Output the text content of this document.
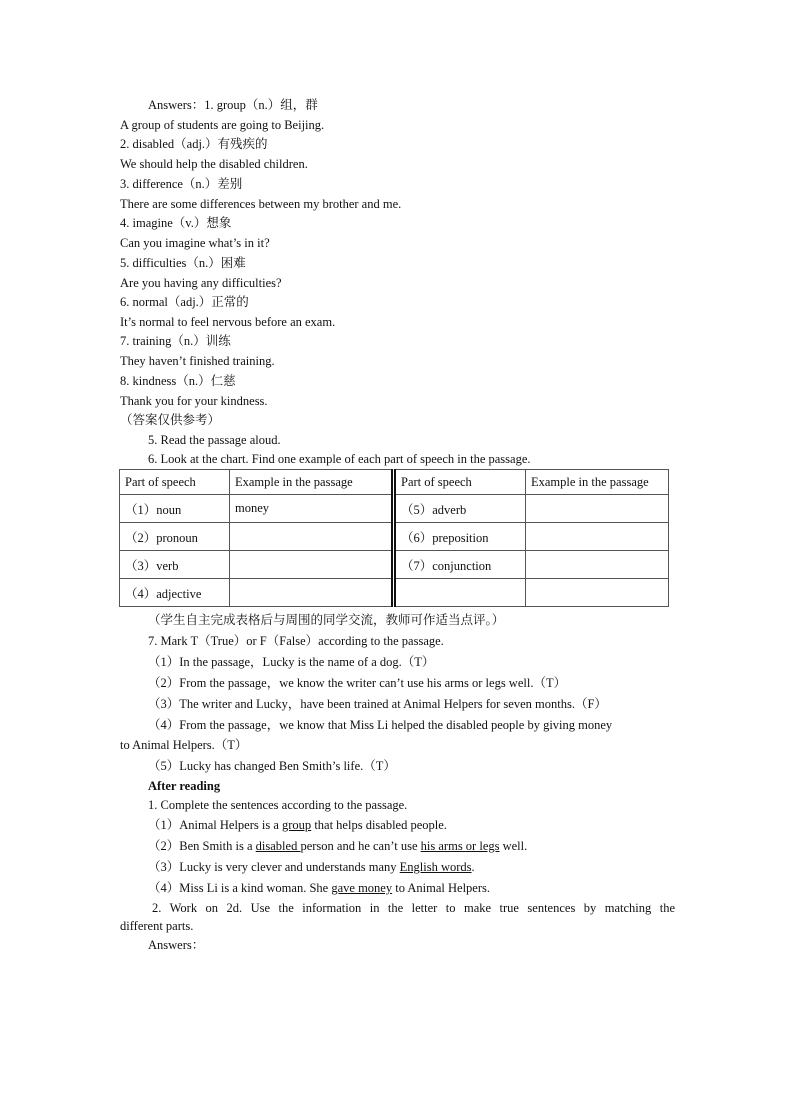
Answers：1. group（n.）组，群
A group of students are going to Beijing.
2. disabled（adj.）有残疾的
We should help the disabled children.
3. difference（n.）差别
There are some differences between my brother and me.
4. imagine（v.）想象
Can you imagine what’s in it?
5. difficulties（n.）困难
Are you having any difficulties?
6. normal（adj.）正常的
It’s normal to feel nervous before an exam.
7. training（n.）训练
They haven’t finished training.
8. kindness（n.）仁慈
Thank you for your kindness.
（答案仅供参考）
5. Read the passage aloud.
6. Look at the chart. Find one example of each part of speech in the passage.
Part of speech	Example in the passage	Part of speech	Example in the passage
（1）noun	money	（5）adverb	
（2）pronoun		（6）preposition	
（3）verb		（7）conjunction	
（4）adjective			
（学生自主完成表格后与周围的同学交流，教师可作适当点评。）
7. Mark T（True）or F（False）according to the passage.
（1）In the passage，Lucky is the name of a dog.（T）
（2）From the passage，we know the writer can’t use his arms or legs well.（T）
（3）The writer and Lucky，have been trained at Animal Helpers for seven months.（F）
（4）From the passage，we know that Miss Li helped the disabled people by giving money
to Animal Helpers.（T）
（5）Lucky has changed Ben Smith’s life.（T）
After reading
1. Complete the sentences according to the passage.
（1）Animal Helpers is a group that helps disabled people.
（2）Ben Smith is a disabled person and he can’t use his arms or legs well.
（3）Lucky is very clever and understands many English words.
（4）Miss Li is a kind woman. She gave money to Animal Helpers.
2. Work on 2d. Use the information in the letter to make true sentences by matching the
different parts.
Answers：
